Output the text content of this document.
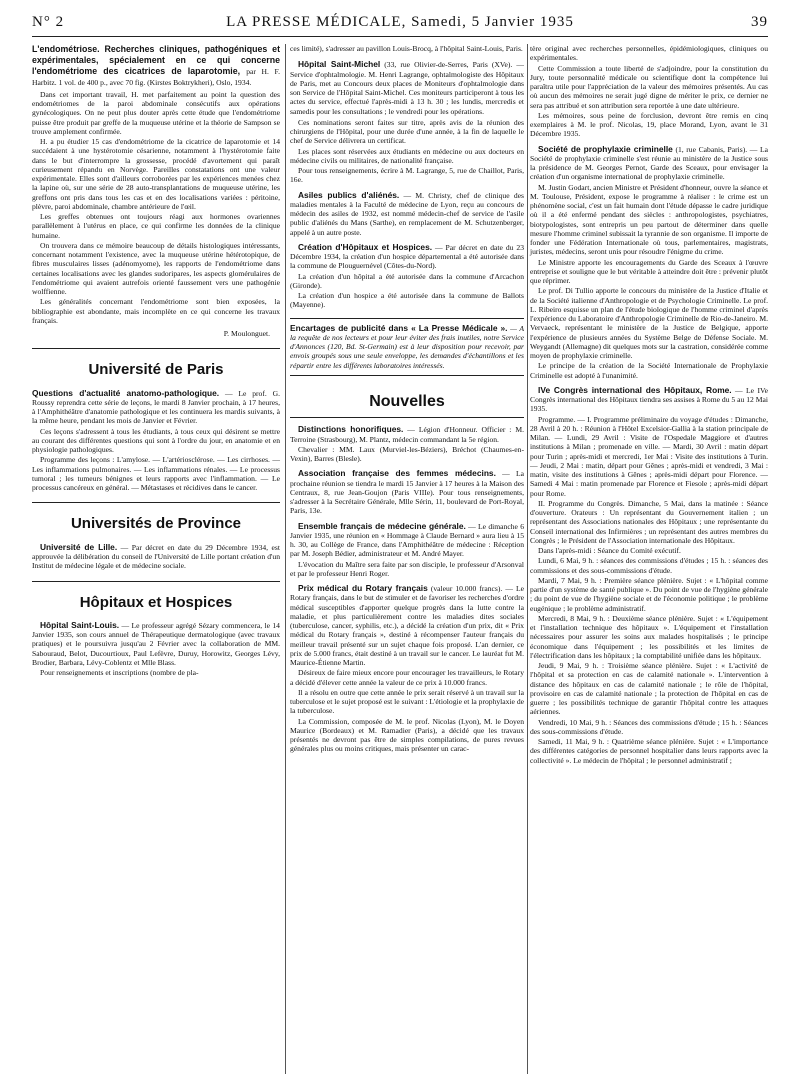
N° 2	LA PRESSE MÉDICALE, Samedi, 5 Janvier 1935	39

L'endométriose. Recherches cliniques, pathogéniques et expérimentales, spécialement en ce qui concerne l'endométriome des cicatrices de laparotomie, par H. F. Harbitz. 1 vol. de 400 p., avec 70 fig. (Kirstes Boktrykheri), Oslo, 1934.

Dans cet important travail, H. met parfaitement au point la question des endométriomes de la paroi abdominale consécutifs aux opérations gynécologiques. On ne peut plus douter après cette étude que l'endométriome puisse être produit par greffe de la muqueuse utérine et la théorie de Sampson se trouve amplement confirmée.

H. a pu étudier 15 cas d'endométriome de la cicatrice de laparotomie et 14 succédaient à une hystérotomie césarienne, notamment à l'hystérotomie faite dans le but d'interrompre la grossesse, procédé d'avortement qui paraît curieusement répandu en Norvège. Pareilles constatations ont une valeur expérimentale. Elles sont d'ailleurs corroborées par les expériences menées chez la lapine où, sur une série de 28 auto-transplantations de muqueuse utérine, les greffons ont pris dans tous les cas et en des localisations variées : péritoine, plèvre, paroi abdominale, chambre antérieure de l'œil.

Les greffes obtenues ont toujours réagi aux hormones ovariennes parallèlement à l'utérus en place, ce qui confirme les données de la clinique humaine.

On trouvera dans ce mémoire beaucoup de détails histologiques intéressants, concernant notamment l'existence, avec la muqueuse utérine hétérotopique, de fibres musculaires lisses (adénomyome), les rapports de l'endométriome dans certaines localisations avec les glandes sudoripares, les aspects glomérulaires de l'endométriome qui avaient autrefois orienté faussement vers une pathogénie wolffienne.

Les généralités concernant l'endométriome sont bien exposées, la bibliographie est abondante, mais incomplète en ce qui concerne les travaux français.

P. Moulonguet.
Université de Paris

Questions d'actualité anatomo-pathologique. — Le prof. G. Roussy reprendra cette série de leçons, le mardi 8 Janvier prochain, à 17 heures, à l'Amphithéâtre d'anatomie pathologique et les continuera les mardis suivants, à la même heure, pendant les mois de Janvier et Février.

Ces leçons s'adressent à tous les étudiants, à tous ceux qui désirent se mettre au courant des différentes questions qui sont à l'ordre du jour, en anatomie et en physiologie pathologiques.

Programme des leçons : L'amylose. — L'artériosclérose. — Les cirrhoses. — Les inflammations pulmonaires. — Les inflammations rénales. — Le processus tumoral ; les tumeurs bénignes et leurs rapports avec l'inflammation. — Le processus cancéreux en général. — Métastases et récidives dans le cancer.

Universités de Province

Université de Lille. — Par décret en date du 29 Décembre 1934, est approuvée la délibération du conseil de l'Université de Lille portant création d'un Institut de médecine légale et de médecine sociale.

Hôpitaux et Hospices

Hôpital Saint-Louis. — Le professeur agrégé Sézary commencera, le 14 Janvier 1935, son cours annuel de Thérapeutique dermatologique (avec travaux pratiques) et le poursuivra jusqu'au 2 Février avec la collaboration de MM. Sabouraud, Belot, Ducourtioux, Paul Lefèvre, Duruy, Horowitz, Georges Lévy, Brodier, Barbara, Lévy-Coblentz et Mlle Blass.

Pour renseignements et inscriptions (nombre de pla-

ces limité), s'adresser au pavillon Louis-Brocq, à l'hôpital Saint-Louis, Paris.

Hôpital Saint-Michel (33, rue Olivier-de-Serres, Paris (XVe). — Service d'ophtalmologie. M. Henri Lagrange, ophtalmologiste des Hôpitaux de Paris, met au Concours deux places de Moniteurs d'ophtalmologie dans son Service de l'Hôpital Saint-Michel. Ces moniteurs participeront à tous les actes du service, effectué l'après-midi à 13 h. 30 ; les lundis, mercredis et samedis pour les consultations ; le vendredi pour les opérations.

Ces nominations seront faites sur titre, après avis de la réunion des chirurgiens de l'Hôpital, pour une durée d'une année, à la fin de laquelle le chef de Service délivrera un certificat.

Les places sont réservées aux étudiants en médecine ou aux docteurs en médecine civils ou militaires, de nationalité française.

Pour tous renseignements, écrire à M. Lagrange, 5, rue de Chaillot, Paris, 16e.

Asiles publics d'aliénés. — M. Christy, chef de clinique des maladies mentales à la Faculté de médecine de Lyon, reçu au concours de médecin des asiles de 1932, est nommé médecin-chef de service de l'asile public d'aliénés du Mans (Sarthe), en remplacement de M. Schutzenberger, appelé à un autre poste.

Création d'Hôpitaux et Hospices. — Par décret en date du 23 Décembre 1934, la création d'un hospice départemental a été autorisée dans la commune de Plouguernével (Côtes-du-Nord).

La création d'un hôpital a été autorisée dans la commune d'Arcachon (Gironde).

La création d'un hospice a été autorisée dans la commune de Ballots (Mayenne).

Encartages de publicité dans « La Presse Médicale ». — A la requête de nos lecteurs et pour leur éviter des frais inutiles, notre Service d'Annonces (120, Bd. St-Germain) est à leur disposition pour recevoir, par envois groupés sous une seule enveloppe, les demandes d'échantillons et les répartir entre les différents laboratoires intéressés.

Nouvelles

Distinctions honorifiques. — Légion d'Honneur. Officier : M. Terroine (Strasbourg), M. Plantz, médecin commandant la 5e région.

Chevalier : MM. Laux (Murviel-les-Béziers), Bréchot (Chaumes-en-Vexin), Barres (Blesle).

Association française des femmes médecins. — La prochaine réunion se tiendra le mardi 15 Janvier à 17 heures à la Maison des Centraux, 8, rue Jean-Goujon (Paris VIIIe). Pour tous renseignements, s'adresser à la Secrétaire Générale, Mlle Sérin, 11, boulevard de Port-Royal, Paris, 13e.

Ensemble français de médecine générale. — Le dimanche 6 Janvier 1935, une réunion en « Hommage à Claude Bernard » aura lieu à 15 h. 30, au Collège de France, dans l'Amphithéâtre de médecine : Réception par M. Joseph Bédier, administrateur et M. André Mayer.

L'évocation du Maître sera faite par son disciple, le professeur d'Arsonval et par le professeur Henri Roger.

Prix médical du Rotary français (valeur 10.000 francs). — Le Rotary français, dans le but de stimuler et de favoriser les recherches d'ordre médical susceptibles d'apporter quelque progrès dans la lutte contre la maladie, et plus particulièrement contre les maladies dites sociales (tuberculose, cancer, syphilis, etc.), a décidé la création d'un prix, dit « Prix médical du Rotary français », destiné à récompenser l'auteur français du meilleur travail présenté sur un sujet chaque fois proposé. L'an dernier, ce prix de 5.000 francs, était destiné à un travail sur le cancer. Le lauréat fut M. Maurice-Étienne Martin.

Désireux de faire mieux encore pour encourager les travailleurs, le Rotary a décidé d'élever cette année la valeur de ce prix à 10.000 francs.

Il a résolu en outre que cette année le prix serait réservé à un travail sur la tuberculose et le sujet proposé est le suivant : L'étiologie et la prophylaxie de la tuberculose.

La Commission, composée de M. le prof. Nicolas (Lyon), M. le Doyen Maurice (Bordeaux) et M. Ramadier (Paris), a décidé que les travaux présentés ne devront pas être de simples compilations, de pures revues générales plus ou moins critiques, mais présenter un carac-

tère original avec recherches personnelles, épidémiologiques, cliniques ou expérimentales.

Cette Commission a toute liberté de s'adjoindre, pour la constitution du Jury, toute personnalité médicale ou scientifique dont la compétence lui paraîtra utile pour l'appréciation de la valeur des mémoires présentés. Au cas où aucun des mémoires ne serait jugé digne de mériter le prix, ce dernier ne sera pas attribué et son attribution sera reportée à une date ultérieure.

Les mémoires, sous peine de forclusion, devront être remis en cinq exemplaires à M. le prof. Nicolas, 19, place Morand, Lyon, avant le 31 Décembre 1935.

Société de prophylaxie criminelle (1, rue Cabanis, Paris). — La Société de prophylaxie criminelle s'est réunie au ministère de la Justice sous la présidence de M. Georges Pernot, Garde des Sceaux, pour envisager la création d'un organisme international de prophylaxie criminelle.

M. Justin Godart, ancien Ministre et Président d'honneur, ouvre la séance et M. Toulouse, Président, expose le programme à réaliser : le crime est un phénomène social, c'est un fait humain dont l'étude dépasse le cadre juridique où il a été enfermé pendant des siècles : anthropologistes, psychiatres, biotypologistes, sont entrepris un peu partout de déterminer dans quelle mesure l'homme criminel subissait la tyrannie de son organisme. Il importe de fonder une Fédération Internationale où tous, parlementaires, magistrats, juristes, médecins, seront unis pour résoudre l'énigme du crime.

Le Ministre apporte les encouragements du Garde des Sceaux à l'œuvre entreprise et souligne que le but véritable à atteindre doit être : prévenir plutôt que réprimer.

Le prof. Di Tullio apporte le concours du ministère de la Justice d'Italie et de la Société italienne d'Anthropologie et de Psychologie Criminelle. Le prof. L. Ribeiro esquisse un plan de l'étude biologique de l'homme criminel d'après l'expérience du Laboratoire d'Anthropologie Criminelle de Rio-de-Janeiro. M. Vervaeck, représentant le ministère de la Justice de Belgique, apporte l'expérience de plusieurs années du Système Belge de Défense Sociale. M. Weygandt (Allemagne) dit quelques mots sur la castration, considérée comme moyen de prophylaxie criminelle.

Le principe de la création de la Société Internationale de Prophylaxie Criminelle est adopté à l'unanimité.

IVe Congrès international des Hôpitaux, Rome. — Le IVe Congrès international des Hôpitaux tiendra ses assises à Rome du 5 au 12 Mai 1935.

Programme. — I. Programme préliminaire du voyage d'études : Dimanche, 28 Avril à 20 h. : Réunion à l'Hôtel Excelsior-Gallia à la station principale de Milan. — Lundi, 29 Avril : Visite de l'Ospedale Maggiore et d'autres institutions à Milan ; promenade en ville. — Mardi, 30 Avril : matin départ pour Turin ; après-midi et mercredi, 1er Mai : Visite des institutions à Turin. — Jeudi, 2 Mai : matin, départ pour Gênes ; après-midi et vendredi, 3 Mai : matin, visite des institutions à Gênes ; après-midi départ pour Florence. — Samedi 4 Mai : matin promenade par Florence et Fiesole ; après-midi départ pour Rome.

II. Programme du Congrès. Dimanche, 5 Mai, dans la matinée : Séance d'ouverture. Orateurs : Un représentant du Gouvernement italien ; un représentant des Associations nationales des Hôpitaux ; une représentante du Conseil international des Infirmières ; un représentant des autres membres du Congrès ; le Président de l'Association internationale des Hôpitaux.

Dans l'après-midi : Séance du Comité exécutif.

Lundi, 6 Mai, 9 h. : séances des commissions d'études ; 15 h. : séances des commissions et des sous-commissions d'étude.

Mardi, 7 Mai, 9 h. : Première séance plénière. Sujet : « L'hôpital comme partie d'un système de santé publique ». Du point de vue de l'hygiène générale ; du point de vue de l'hygiène sociale et de l'économie politique ; le problème eugénique ; le problème administratif.

Mercredi, 8 Mai, 9 h. : Deuxième séance plénière. Sujet : « L'équipement et l'installation technique des hôpitaux ». L'équipement et l'installation nécessaires pour assurer les soins aux malades hospitalisés ; le principe économique dans l'équipement ; les possibilités et les limites de l'électrification dans les hôpitaux ; la comptabilité unifiée dans les hôpitaux.

Jeudi, 9 Mai, 9 h. : Troisième séance plénière. Sujet : « L'activité de l'hôpital et sa protection en cas de calamité nationale ». L'intervention à distance des hôpitaux en cas de calamité nationale ; le rôle de l'hôpital, provisoire en cas de calamité nationale ; la protection de l'hôpital en cas de guerre ; les possibilités technique de garantir l'hôpital contre les attaques aériennes.

Vendredi, 10 Mai, 9 h. : Séances des commissions d'étude ; 15 h. : Séances des sous-commissions d'étude.

Samedi, 11 Mai, 9 h. : Quatrième séance plénière. Sujet : « L'importance des différentes catégories de personnel hospitalier dans leurs rapports avec la collectivité ». Le médecin de l'hôpital ; le personnel administratif ;
